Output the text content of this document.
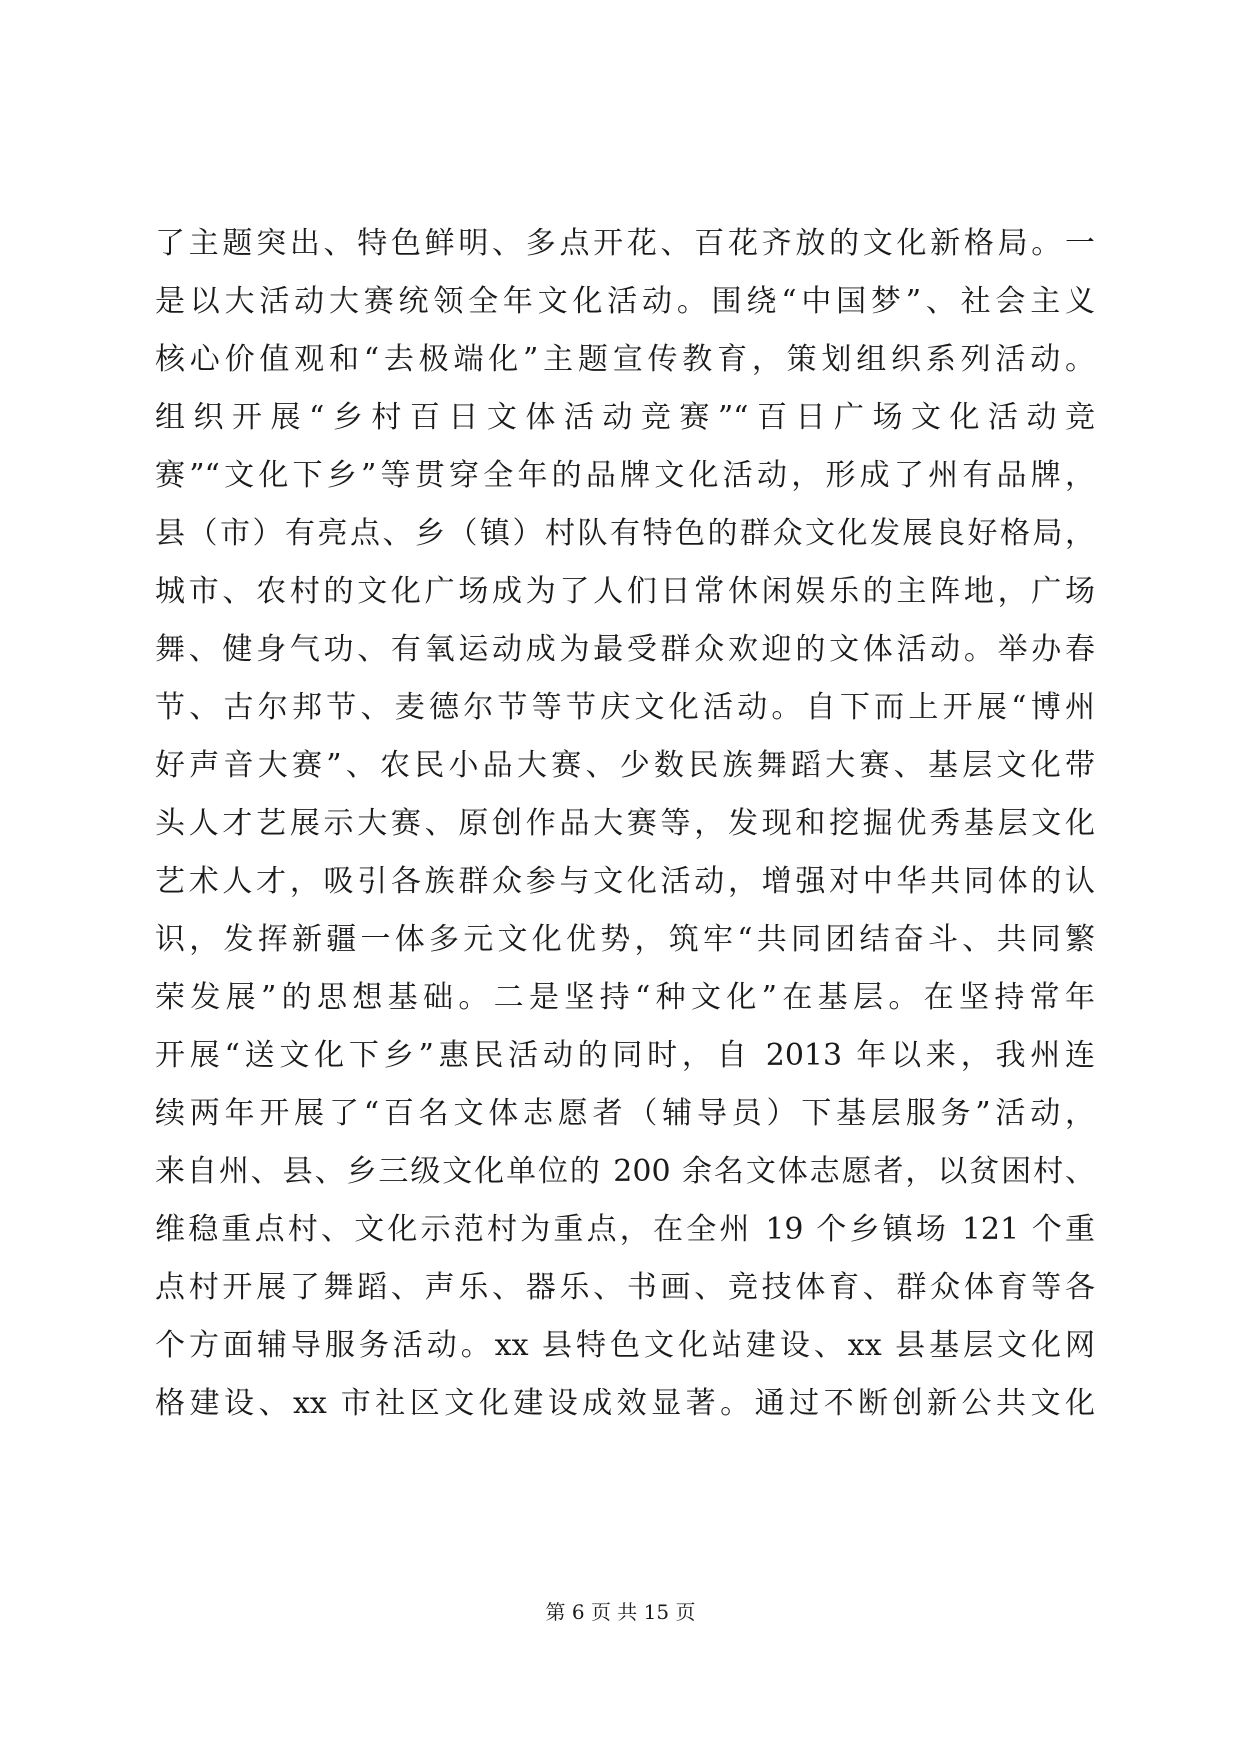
了主题突出、特色鲜明、多点开花、百花齐放的文化新格局。一
是以大活动大赛统领全年文化活动。围绕“中国梦”、社会主义
核心价值观和“去极端化”主题宣传教育，策划组织系列活动。
组织开展“乡村百日文体活动竞赛”“百日广场文化活动竞
赛”“文化下乡”等贯穿全年的品牌文化活动，形成了州有品牌，
县（市）有亮点、乡（镇）村队有特色的群众文化发展良好格局，
城市、农村的文化广场成为了人们日常休闲娱乐的主阵地，广场
舞、健身气功、有氧运动成为最受群众欢迎的文体活动。举办春
节、古尔邦节、麦德尔节等节庆文化活动。自下而上开展“博州
好声音大赛”、农民小品大赛、少数民族舞蹈大赛、基层文化带
头人才艺展示大赛、原创作品大赛等，发现和挖掘优秀基层文化
艺术人才，吸引各族群众参与文化活动，增强对中华共同体的认
识，发挥新疆一体多元文化优势，筑牢“共同团结奋斗、共同繁
荣发展”的思想基础。二是坚持“种文化”在基层。在坚持常年
开展“送文化下乡”惠民活动的同时，自 2013 年以来，我州连
续两年开展了“百名文体志愿者（辅导员）下基层服务”活动，
来自州、县、乡三级文化单位的 200 余名文体志愿者，以贫困村、
维稳重点村、文化示范村为重点，在全州 19 个乡镇场 121 个重
点村开展了舞蹈、声乐、器乐、书画、竞技体育、群众体育等各
个方面辅导服务活动。xx 县特色文化站建设、xx 县基层文化网
格建设、xx 市社区文化建设成效显著。通过不断创新公共文化
第 6 页 共 15 页
